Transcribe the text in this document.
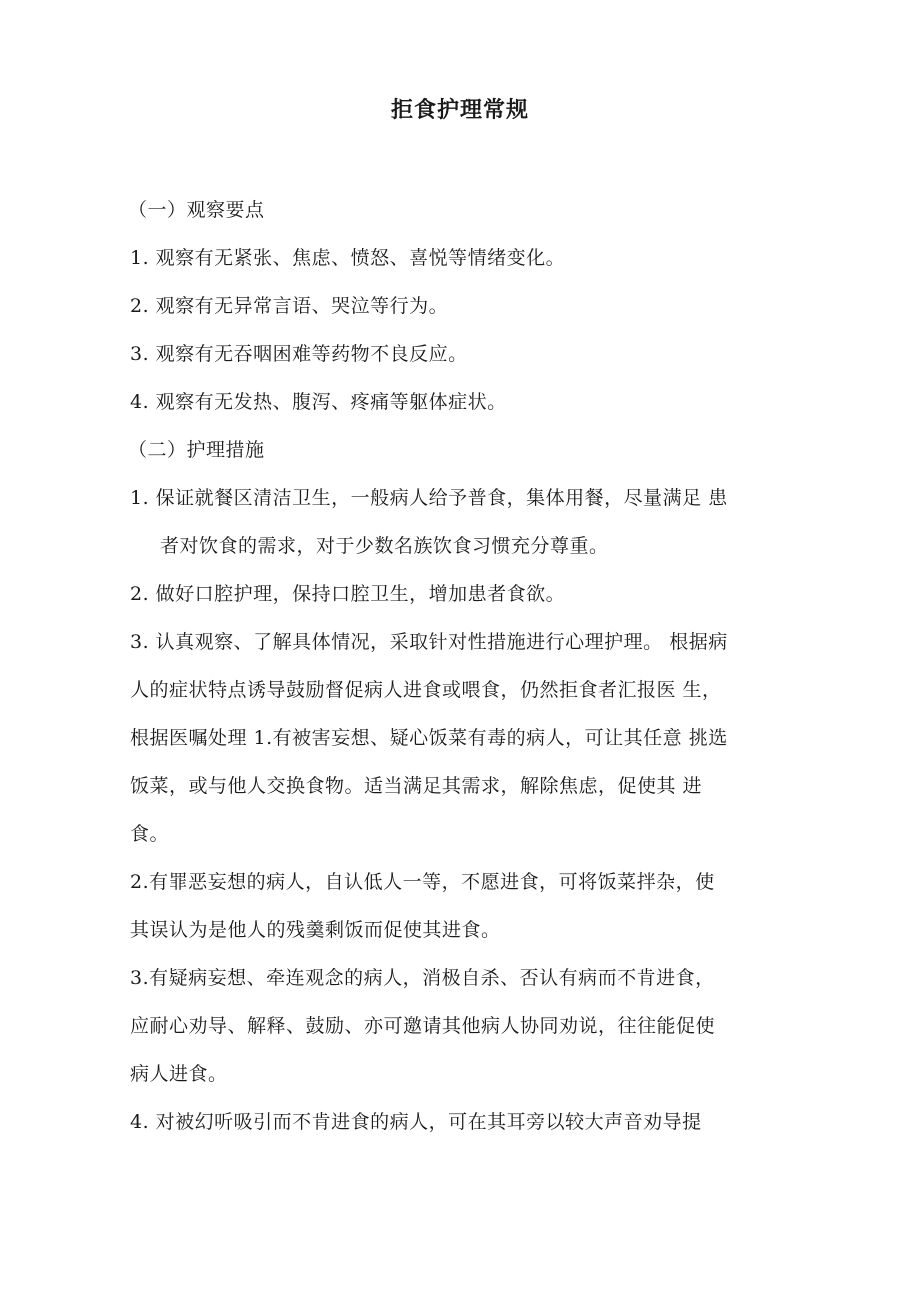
拒食护理常规
（一）观察要点
1. 观察有无紧张、焦虑、愤怒、喜悦等情绪变化。
2. 观察有无异常言语、哭泣等行为。
3. 观察有无吞咽困难等药物不良反应。
4. 观察有无发热、腹泻、疼痛等躯体症状。
（二）护理措施
1. 保证就餐区清洁卫生，一般病人给予普食，集体用餐，尽量满足 患
者对饮食的需求，对于少数名族饮食习惯充分尊重。
2. 做好口腔护理，保持口腔卫生，增加患者食欲。
3. 认真观察、了解具体情况，采取针对性措施进行心理护理。 根据病
人的症状特点诱导鼓励督促病人进食或喂食，仍然拒食者汇报医 生，
根据医嘱处理 1.有被害妄想、疑心饭菜有毒的病人，可让其任意 挑选
饭菜，或与他人交换食物。适当满足其需求，解除焦虑，促使其 进
食。
2.有罪恶妄想的病人，自认低人一等，不愿进食，可将饭菜拌杂，使
其误认为是他人的残羹剩饭而促使其进食。
3.有疑病妄想、牵连观念的病人，消极自杀、否认有病而不肯进食，
应耐心劝导、解释、鼓励、亦可邀请其他病人协同劝说，往往能促使
病人进食。
4. 对被幻听吸引而不肯进食的病人，可在其耳旁以较大声音劝导提
